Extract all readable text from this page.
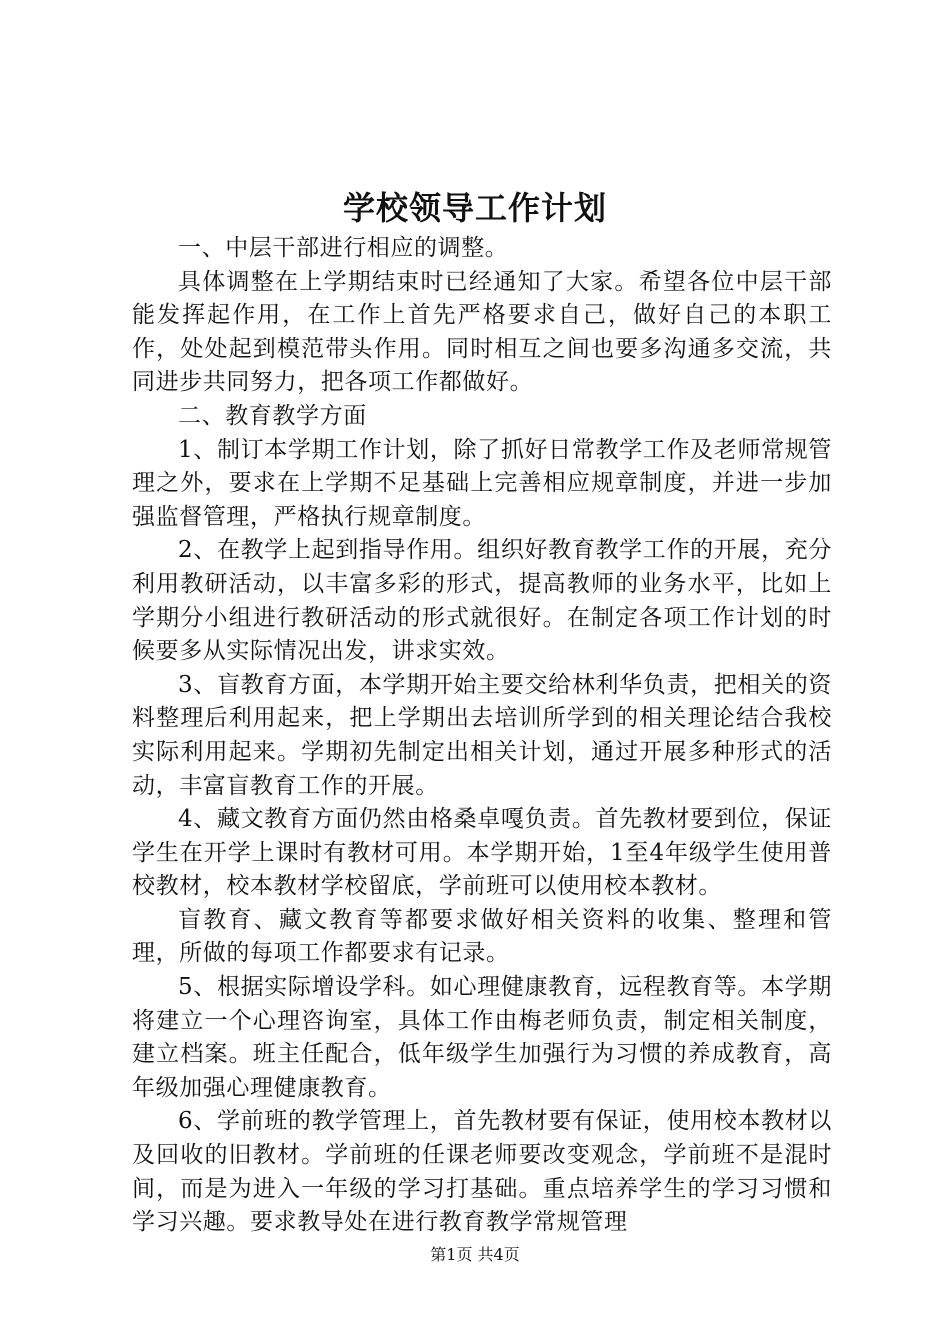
学校领导工作计划

一、中层干部进行相应的调整。

具体调整在上学期结束时已经通知了大家。希望各位中层干部能发挥起作用，在工作上首先严格要求自己，做好自己的本职工作，处处起到模范带头作用。同时相互之间也要多沟通多交流，共同进步共同努力，把各项工作都做好。

二、教育教学方面

1、制订本学期工作计划，除了抓好日常教学工作及老师常规管理之外，要求在上学期不足基础上完善相应规章制度，并进一步加强监督管理，严格执行规章制度。

2、在教学上起到指导作用。组织好教育教学工作的开展，充分利用教研活动，以丰富多彩的形式，提高教师的业务水平，比如上学期分小组进行教研活动的形式就很好。在制定各项工作计划的时候要多从实际情况出发，讲求实效。

3、盲教育方面，本学期开始主要交给林利华负责，把相关的资料整理后利用起来，把上学期出去培训所学到的相关理论结合我校实际利用起来。学期初先制定出相关计划，通过开展多种形式的活动，丰富盲教育工作的开展。

4、藏文教育方面仍然由格桑卓嘎负责。首先教材要到位，保证学生在开学上课时有教材可用。本学期开始，1至4年级学生使用普校教材，校本教材学校留底，学前班可以使用校本教材。

盲教育、藏文教育等都要求做好相关资料的收集、整理和管理，所做的每项工作都要求有记录。

5、根据实际增设学科。如心理健康教育，远程教育等。本学期将建立一个心理咨询室，具体工作由梅老师负责，制定相关制度，建立档案。班主任配合，低年级学生加强行为习惯的养成教育，高年级加强心理健康教育。

6、学前班的教学管理上，首先教材要有保证，使用校本教材以及回收的旧教材。学前班的任课老师要改变观念，学前班不是混时间，而是为进入一年级的学习打基础。重点培养学生的学习习惯和学习兴趣。要求教导处在进行教育教学常规管理

第1页 共4页
